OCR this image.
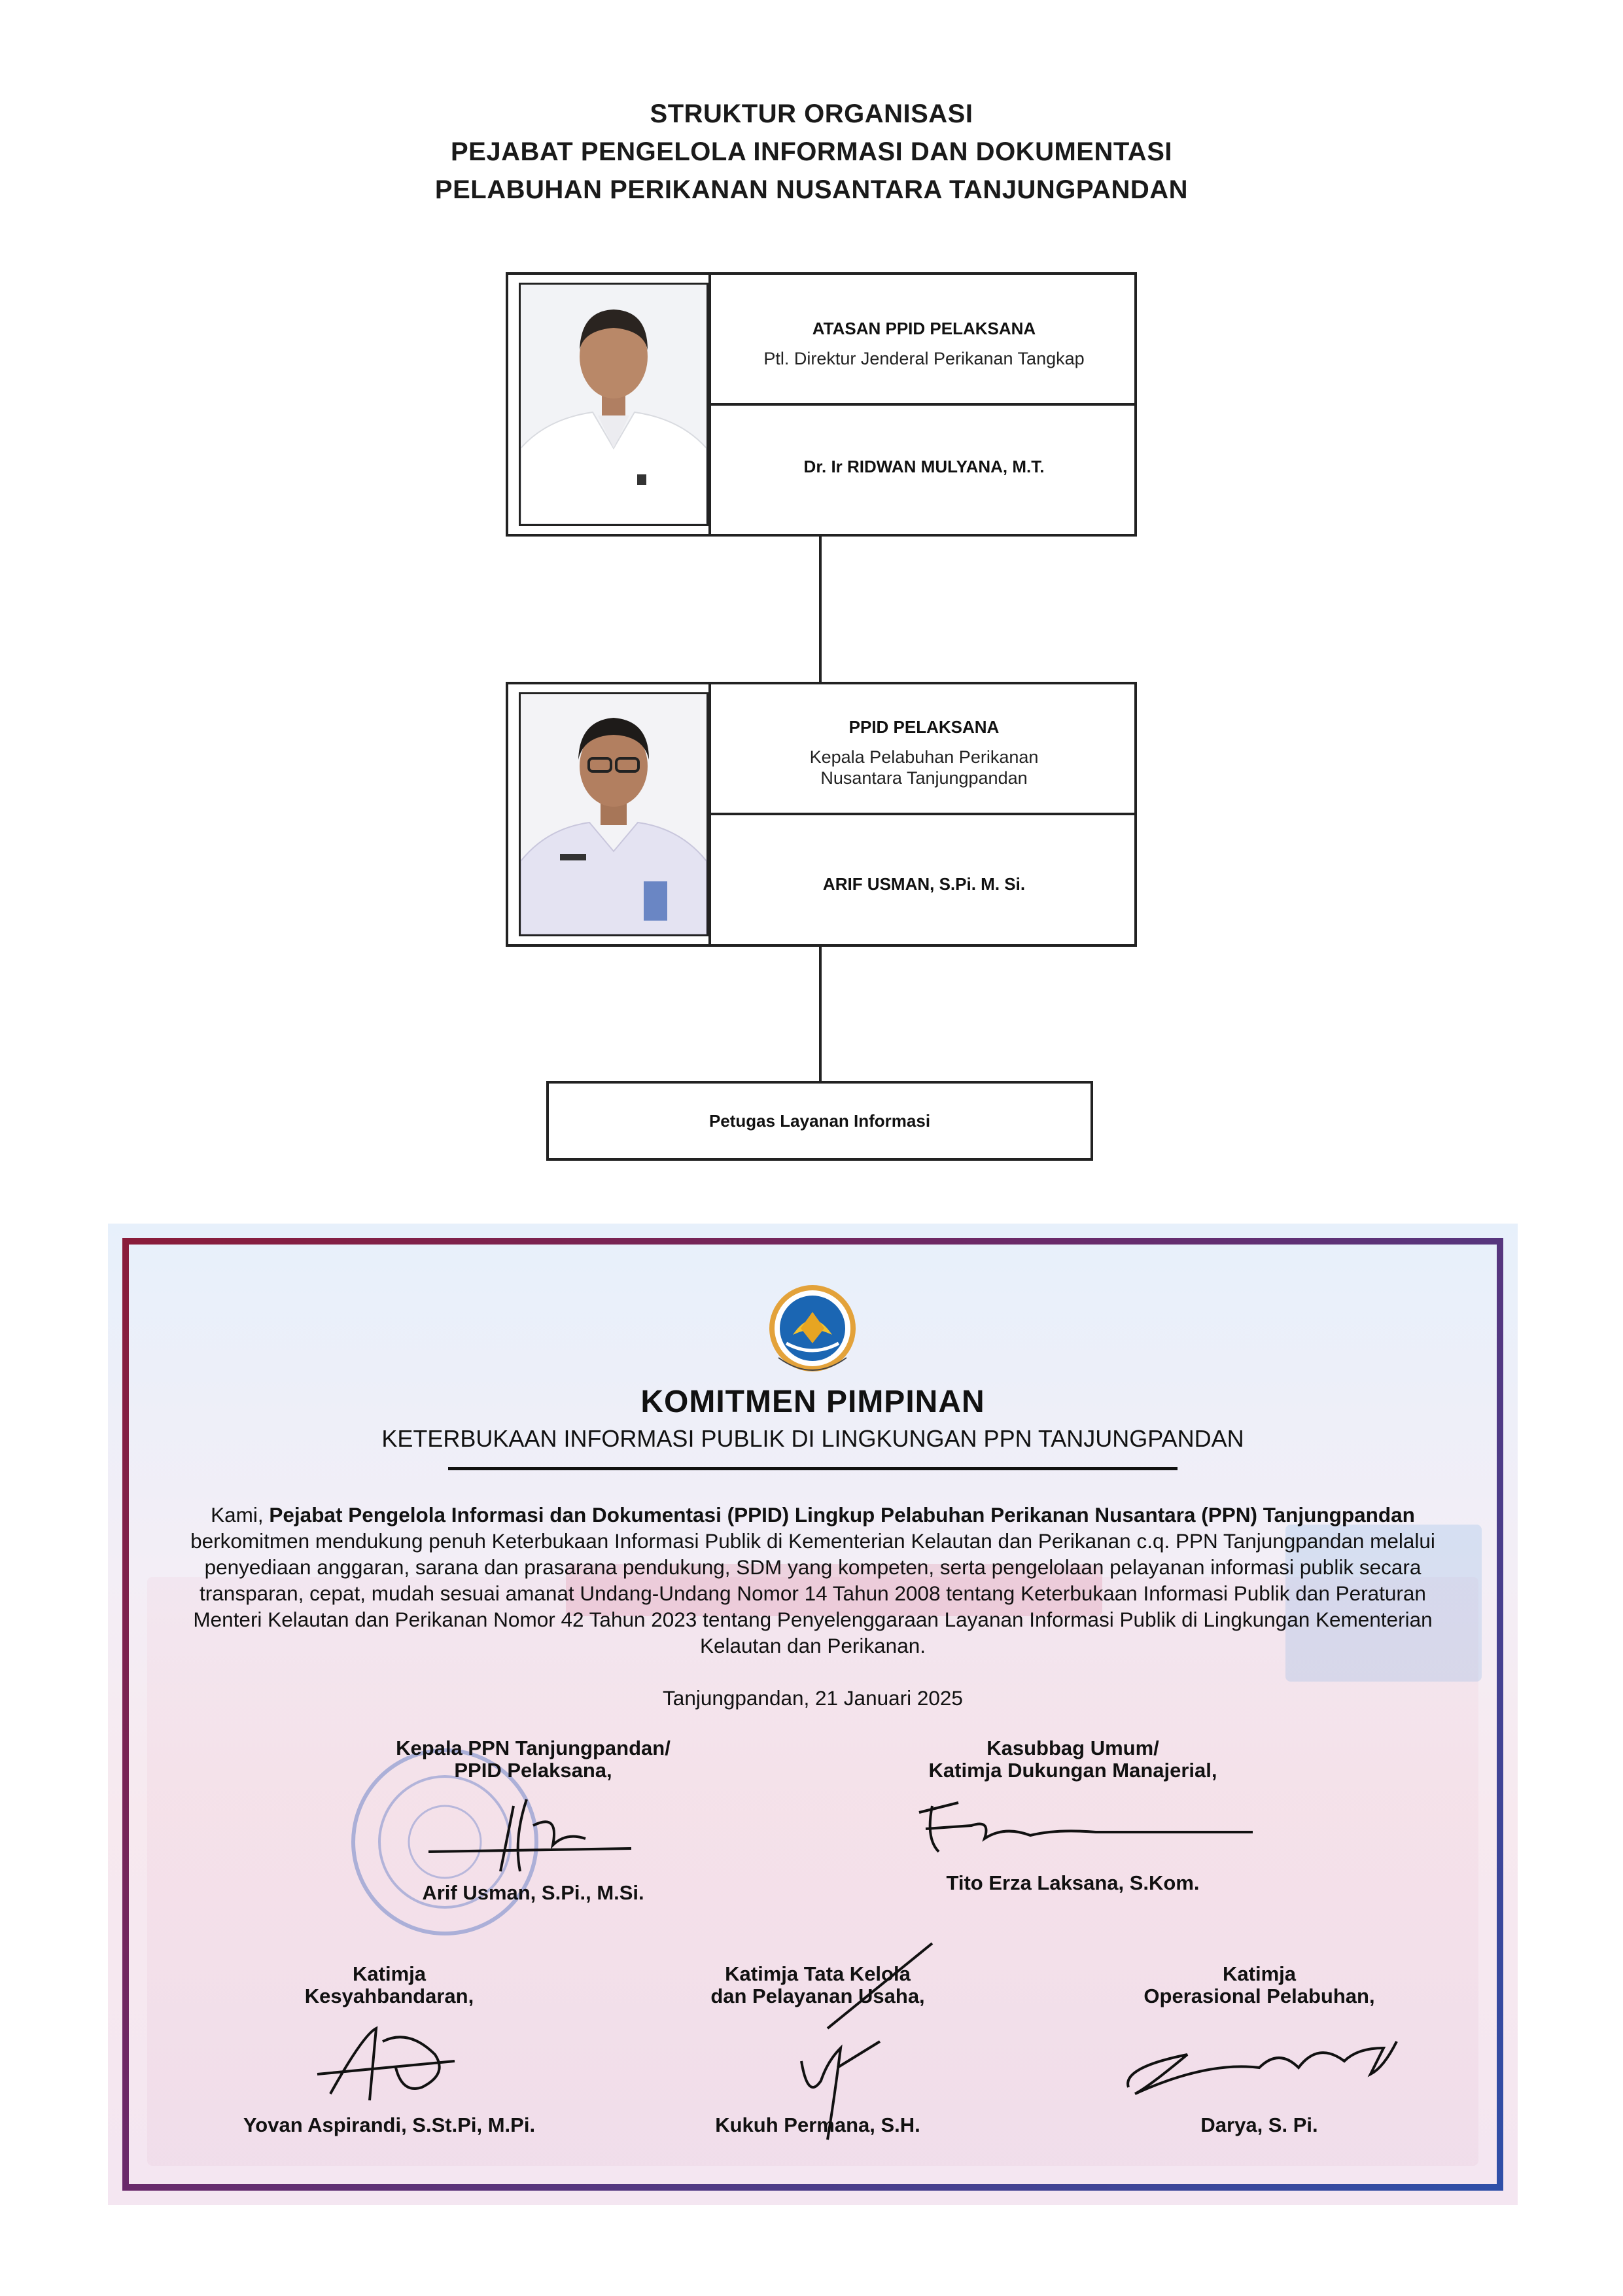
STRUKTUR ORGANISASI
PEJABAT PENGELOLA INFORMASI DAN DOKUMENTASI
PELABUHAN PERIKANAN NUSANTARA TANJUNGPANDAN
ATASAN PPID PELAKSANA
Ptl. Direktur Jenderal Perikanan Tangkap
Dr. Ir RIDWAN MULYANA, M.T.
PPID PELAKSANA
Kepala Pelabuhan Perikanan
Nusantara Tanjungpandan
ARIF USMAN, S.Pi. M. Si.
Petugas Layanan Informasi
KOMITMEN PIMPINAN
KETERBUKAAN INFORMASI PUBLIK DI LINGKUNGAN PPN TANJUNGPANDAN
Kami, Pejabat Pengelola Informasi dan Dokumentasi (PPID) Lingkup Pelabuhan Perikanan Nusantara (PPN) Tanjungpandan berkomitmen mendukung penuh Keterbukaan Informasi Publik di Kementerian Kelautan dan Perikanan c.q. PPN Tanjungpandan melalui penyediaan anggaran, sarana dan prasarana pendukung, SDM yang kompeten, serta pengelolaan pelayanan informasi publik secara transparan, cepat, mudah sesuai amanat Undang-Undang Nomor 14 Tahun 2008 tentang Keterbukaan Informasi Publik dan Peraturan Menteri Kelautan dan Perikanan Nomor 42 Tahun 2023 tentang Penyelenggaraan Layanan Informasi Publik di Lingkungan Kementerian Kelautan dan Perikanan.
Tanjungpandan, 21 Januari 2025
Kepala PPN Tanjungpandan/
PPID Pelaksana,
Arif Usman, S.Pi., M.Si.
Kasubbag Umum/
Katimja Dukungan Manajerial,
Tito Erza Laksana, S.Kom.
Katimja
Kesyahbandaran,
Yovan Aspirandi, S.St.Pi, M.Pi.
Katimja Tata Kelola
dan Pelayanan Usaha,
Kukuh Permana, S.H.
Katimja
Operasional Pelabuhan,
Darya, S. Pi.
